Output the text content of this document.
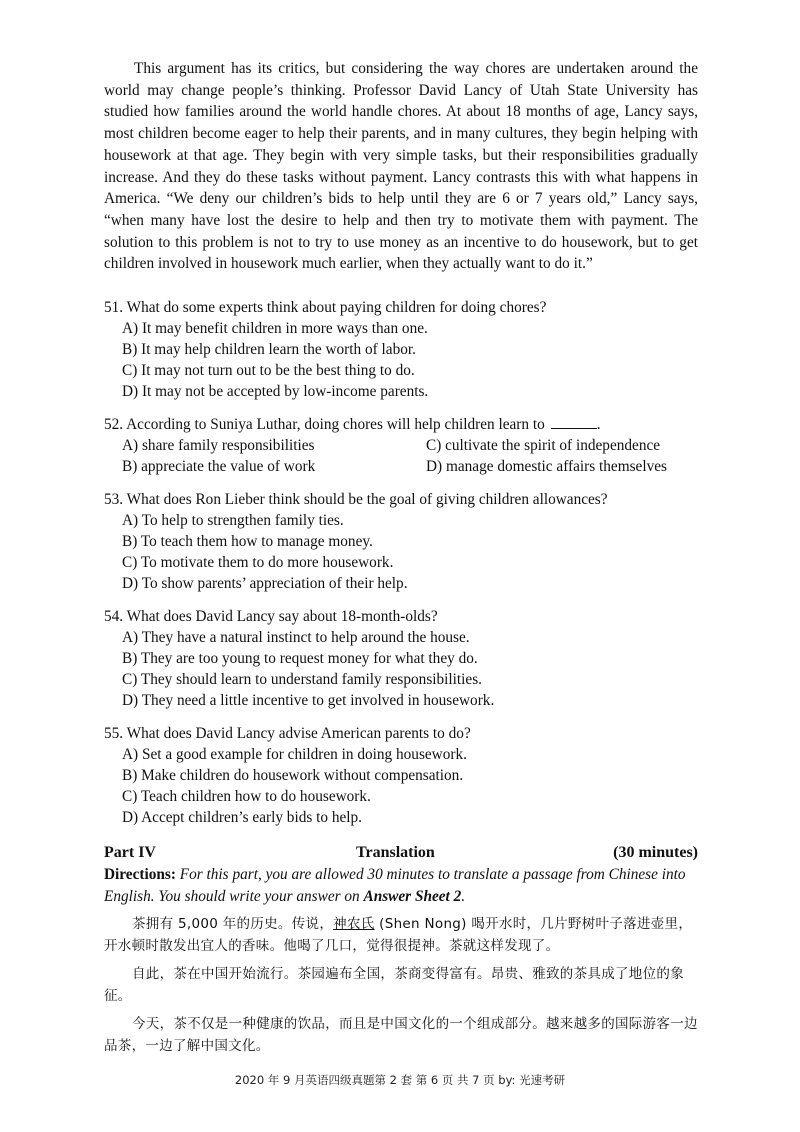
This argument has its critics, but considering the way chores are undertaken around the world may change people’s thinking. Professor David Lancy of Utah State University has studied how families around the world handle chores. At about 18 months of age, Lancy says, most children become eager to help their parents, and in many cultures, they begin helping with housework at that age. They begin with very simple tasks, but their responsibilities gradually increase. And they do these tasks without payment. Lancy contrasts this with what happens in America. “We deny our children’s bids to help until they are 6 or 7 years old,” Lancy says, “when many have lost the desire to help and then try to motivate them with payment. The solution to this problem is not to try to use money as an incentive to do housework, but to get children involved in housework much earlier, when they actually want to do it.”

51. What do some experts think about paying children for doing chores?
A) It may benefit children in more ways than one.
B) It may help children learn the worth of labor.
C) It may not turn out to be the best thing to do.
D) It may not be accepted by low-income parents.
52. According to Suniya Luthar, doing chores will help children learn to	.
A) share family responsibilities	C) cultivate the spirit of independence
B) appreciate the value of work	D) manage domestic affairs themselves
53. What does Ron Lieber think should be the goal of giving children allowances?
A) To help to strengthen family ties.
B) To teach them how to manage money.
C) To motivate them to do more housework.
D) To show parents’ appreciation of their help.
54. What does David Lancy say about 18-month-olds?
A) They have a natural instinct to help around the house.
B) They are too young to request money for what they do.
C) They should learn to understand family responsibilities.
D) They need a little incentive to get involved in housework.
55. What does David Lancy advise American parents to do?
A) Set a good example for children in doing housework.
B) Make children do housework without compensation.
C) Teach children how to do housework.
D) Accept children’s early bids to help.
Part IV	Translation	(30 minutes)
Directions: For this part, you are allowed 30 minutes to translate a passage from Chinese into English. You should write your answer on Answer Sheet 2.

茶拥有 5,000 年的历史。传说，神农氏 (Shen Nong) 喝开水时，几片野树叶子落进壶里，开水顿时散发出宜人的香味。他喝了几口，觉得很提神。茶就这样发现了。

自此，茶在中国开始流行。茶园遍布全国，茶商变得富有。昂贵、雅致的茶具成了地位的象征。

今天，茶不仅是一种健康的饮品，而且是中国文化的一个组成部分。越来越多的国际游客一边品茶，一边了解中国文化。

2020 年 9 月英语四级真题第 2 套 第 6 页 共 7 页 by: 光速考研
